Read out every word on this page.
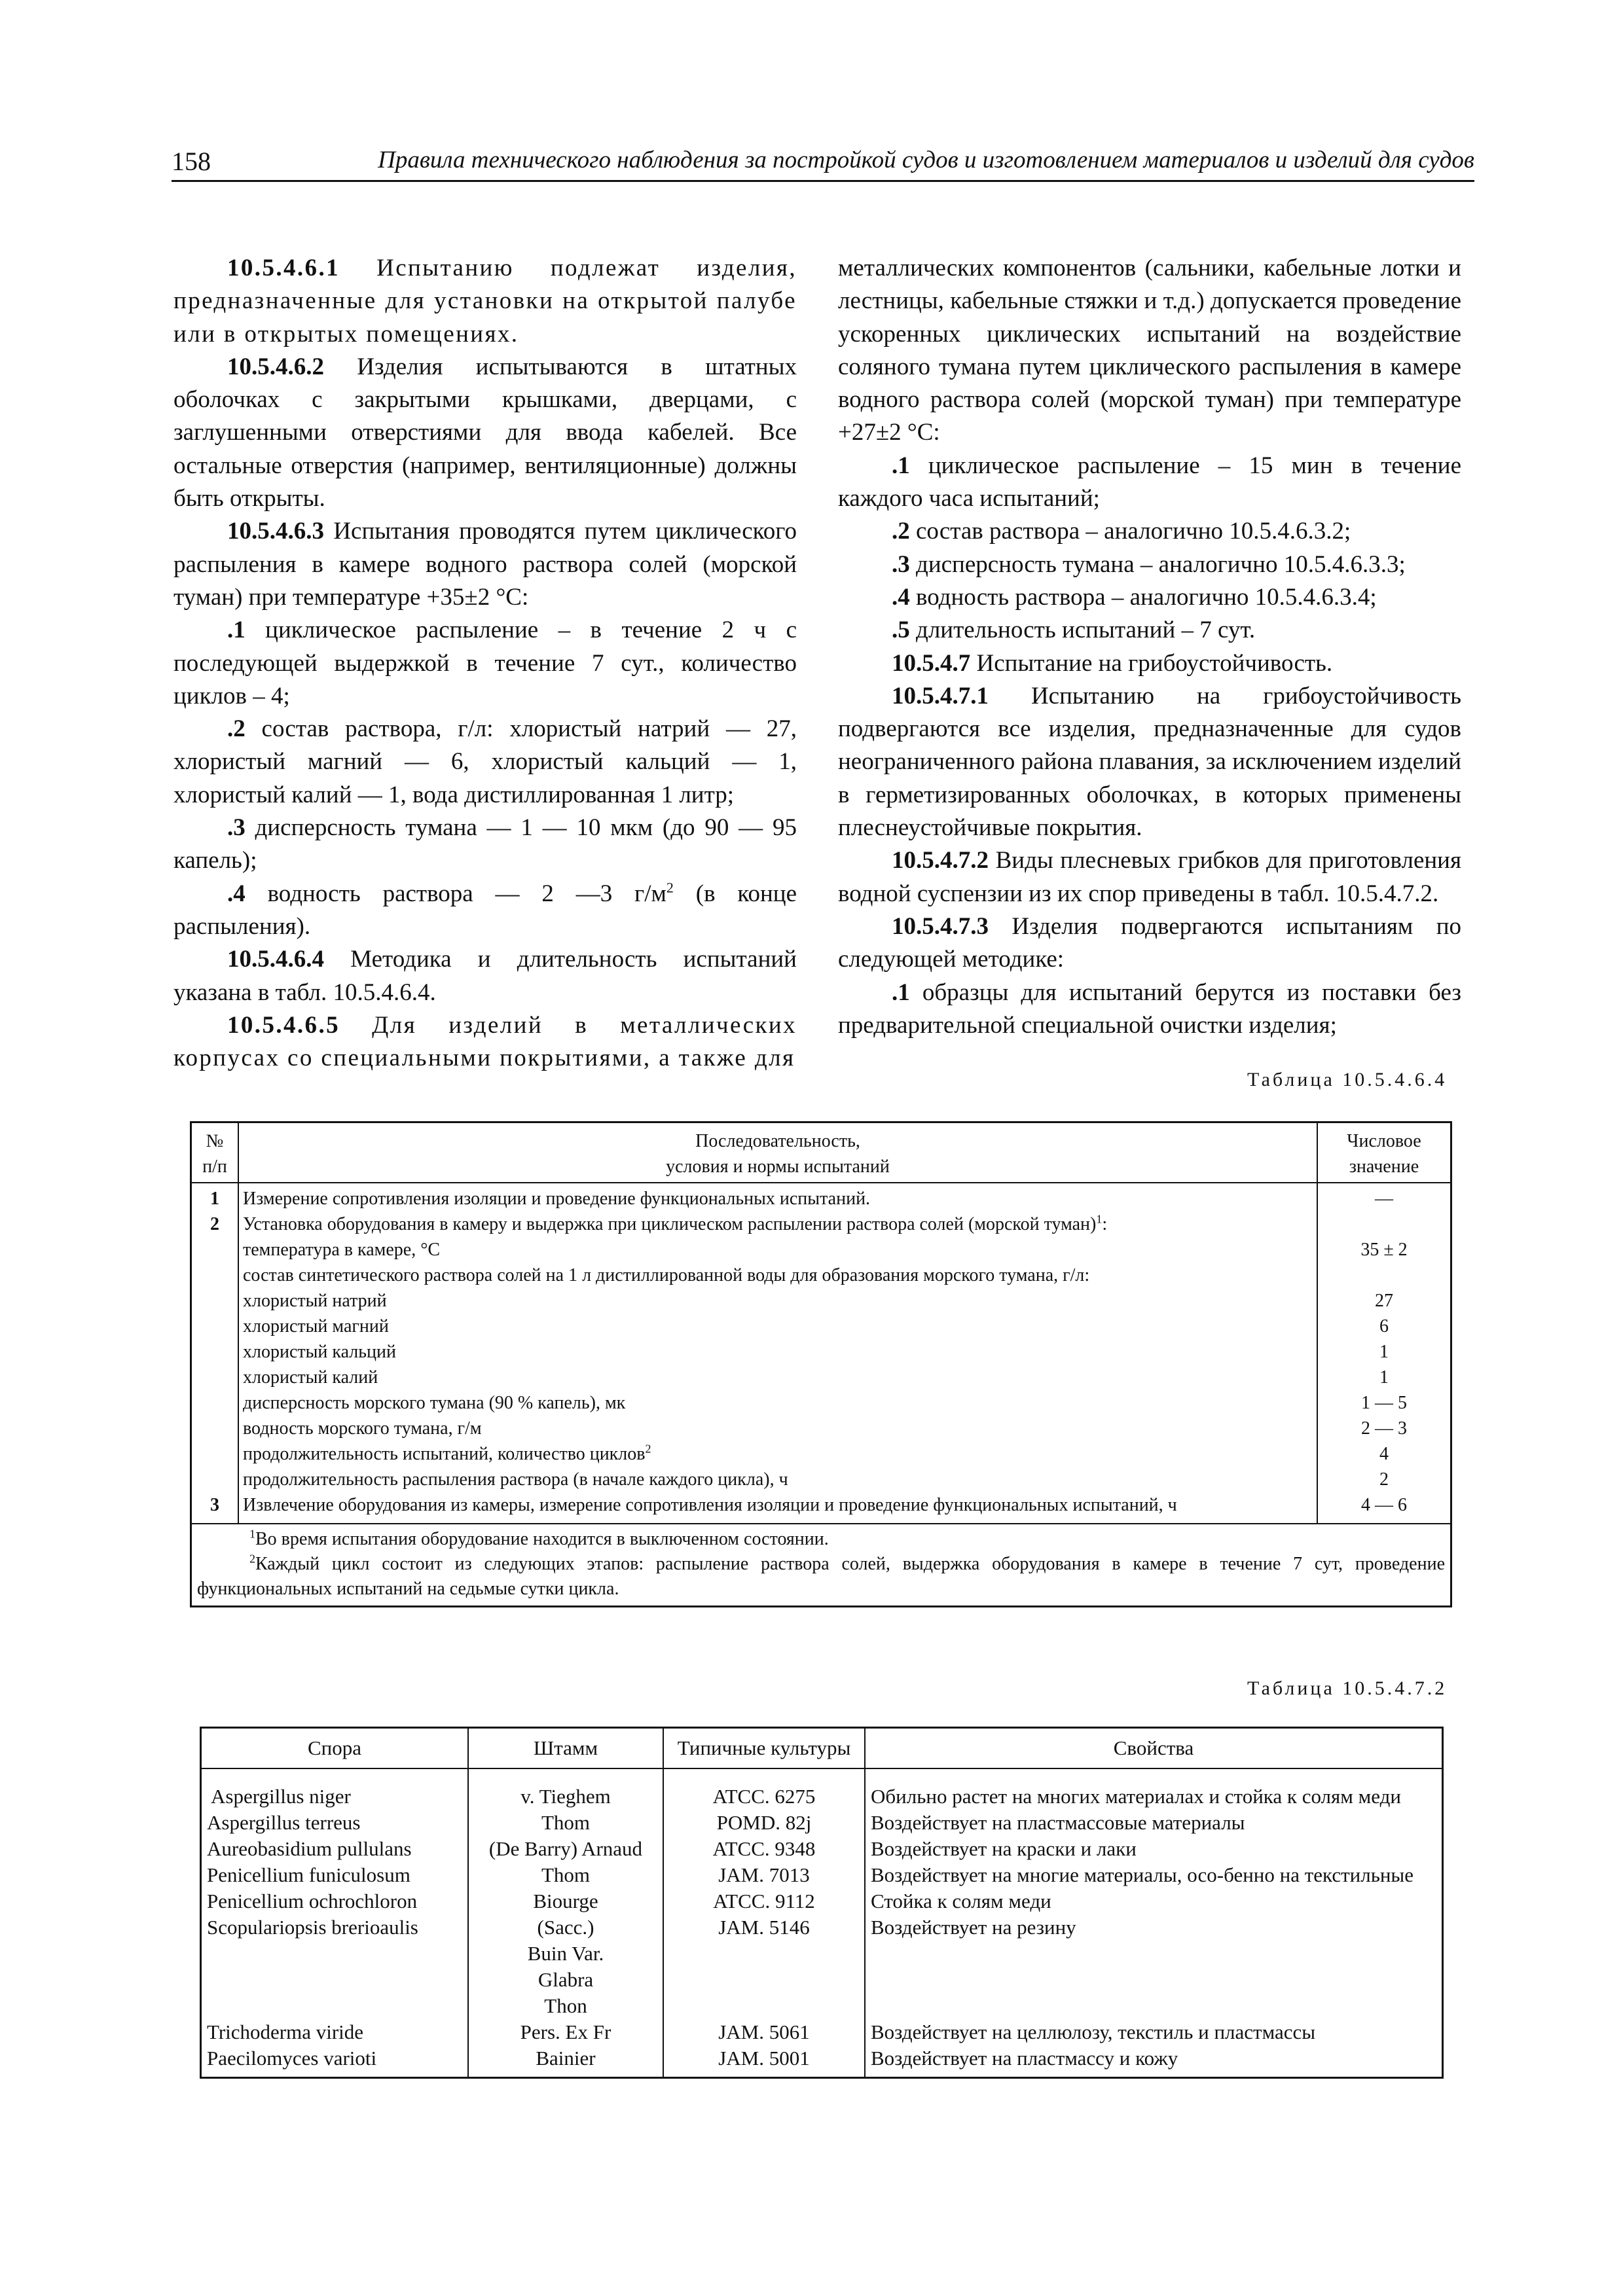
158	Правила технического наблюдения за постройкой судов и изготовлением материалов и изделий для судов

10.5.4.6.1 Испытанию подлежат изделия, предназначенные для установки на открытой палубе или в открытых помещениях.

10.5.4.6.2 Изделия испытываются в штатных оболочках с закрытыми крышками, дверцами, с заглушенными отверстиями для ввода кабелей. Все остальные отверстия (например, вентиляционные) должны быть открыты.

10.5.4.6.3 Испытания проводятся путем циклического распыления в камере водного раствора солей (морской туман) при температуре +35±2 °С:

.1 циклическое распыление – в течение 2 ч с последующей выдержкой в течение 7 сут., количество циклов – 4;

.2 состав раствора, г/л: хлористый натрий — 27, хлористый магний — 6, хлористый кальций — 1, хлористый калий — 1, вода дистиллированная 1 литр;

.3 дисперсность тумана — 1 — 10 мкм (до 90 — 95 капель);

.4 водность раствора — 2 —3 $г/м^2$ (в конце распыления).

10.5.4.6.4 Методика и длительность испытаний указана в табл. 10.5.4.6.4.

10.5.4.6.5 Для изделий в металлических корпусах со специальными покрытиями, а также для

металлических компонентов (сальники, кабельные лотки и лестницы, кабельные стяжки и т.д.) допускается проведение ускоренных циклических испытаний на воздействие соляного тумана путем циклического распыления в камере водного раствора солей (морской туман) при температуре +27±2 °С:

.1 циклическое распыление – 15 мин в течение каждого часа испытаний;

.2 состав раствора – аналогично 10.5.4.6.3.2;

.3 дисперсность тумана – аналогично 10.5.4.6.3.3;

.4 водность раствора – аналогично 10.5.4.6.3.4;

.5 длительность испытаний – 7 сут.

10.5.4.7 Испытание на грибоустойчивость.

10.5.4.7.1 Испытанию на грибоустойчивость подвергаются все изделия, предназначенные для судов неограниченного района плавания, за исключением изделий в герметизированных оболочках, в которых применены плеснеустойчивые покрытия.

10.5.4.7.2 Виды плесневых грибков для приготовления водной суспензии из их спор приведены в табл. 10.5.4.7.2.

10.5.4.7.3 Изделия подвергаются испытаниям по следующей методике:

.1 образцы для испытаний берутся из поставки без предварительной специальной очистки изделия;

Таблица 10.5.4.6.4
№
п/п	Последовательность,
условия и нормы испытаний	Числовое
значение
1	Измерение сопротивления изоляции и проведение функциональных испытаний.	—
2	Установка оборудования в камеру и выдержка при циклическом распылении раствора солей (морской туман)$^1$:	
	температура в камере, °С	35 ± 2
	состав синтетического раствора солей на 1 л дистиллированной воды для образования морского тумана, г/л:	
	хлористый натрий	27
	хлористый магний	6
	хлористый кальций	1
	хлористый калий	1
	дисперсность морского тумана (90 % капель), мк	1 — 5
	водность морского тумана, г/м	2 — 3
	продолжительность испытаний, количество циклов$^2$	4
	продолжительность распыления раствора (в начале каждого цикла), ч	2
3	Извлечение оборудования из камеры, измерение сопротивления изоляции и проведение функциональных испытаний, ч	4 — 6

$^1$Во время испытания оборудование находится в выключенном состоянии.
$^2$Каждый цикл состоит из следующих этапов: распыление раствора солей, выдержка оборудования в камере в течение 7 сут, проведение функциональных испытаний на седьмые сутки цикла.		
Таблица 10.5.4.7.2
Спора	Штамм	Типичные культуры	Свойства
Aspergillus niger	v. Tieghem	ATCC. 6275	Обильно растет на многих материалах и стойка к солям меди
Aspergillus terreus	Thom	POMD. 82j	Воздействует на пластмассовые материалы
Aureobasidium pullulans	(De Barry) Arnaud	ATCC. 9348	Воздействует на краски и лаки
Penicellium funiculosum	Thom	JAM. 7013	Воздействует на многие материалы, осо-бенно на текстильные
Penicellium ochrochloron	Biourge	ATCC. 9112	Стойка к солям меди
Scopulariopsis brerioaulis	(Sacc.)	JAM. 5146	Воздействует на резину
	Buin Var.		
	Glabra		
	Thon		
Trichoderma viride	Pers. Ex Fr	JAM. 5061	Воздействует на целлюлозу, текстиль и пластмассы
Paecilomyces varioti	Bainier	JAM. 5001	Воздействует на пластмассу и кожу
